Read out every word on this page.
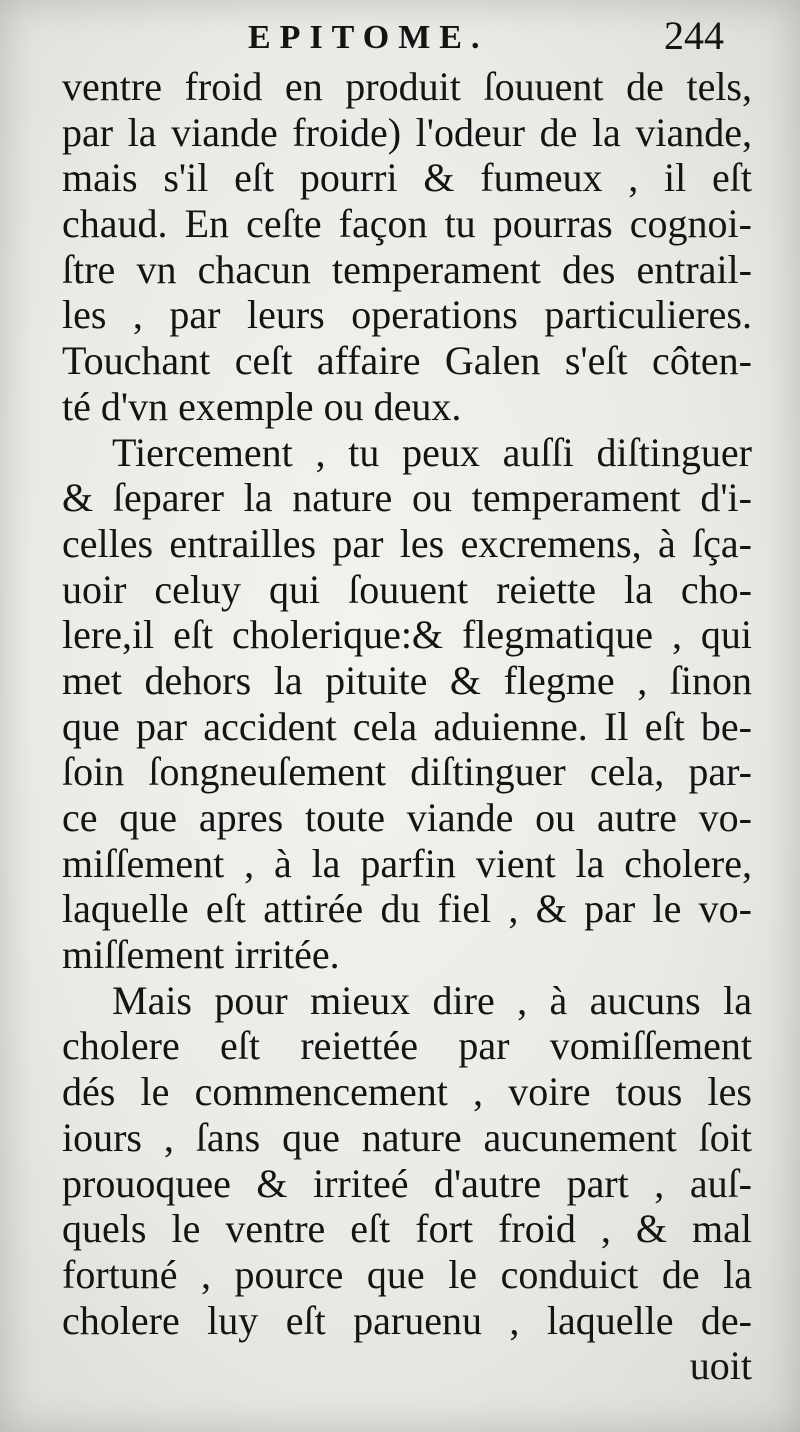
EPITOME.	244
ventre froid en produit ſouuent de tels,
par la viande froide) l'odeur de la viande,
mais s'il eſt pourri & fumeux , il eſt
chaud. En ceſte façon tu pourras cognoi-
ſtre vn chacun temperament des entrail-
les , par leurs operations particulieres.
Touchant ceſt affaire Galen s'eſt côten-
té d'vn exemple ou deux.
Tiercement , tu peux auſſi diſtinguer
& ſeparer la nature ou temperament d'i-
celles entrailles par les excremens, à ſça-
uoir celuy qui ſouuent reiette la cho-
lere,il eſt cholerique:& flegmatique , qui
met dehors la pituite & flegme , ſinon
que par accident cela aduienne. Il eſt be-
ſoin ſongneuſement diſtinguer cela, par-
ce que apres toute viande ou autre vo-
miſſement , à la parfin vient la cholere,
laquelle eſt attirée du fiel , & par le vo-
miſſement irritée.
Mais pour mieux dire , à aucuns la
cholere eſt reiettée par vomiſſement
dés le commencement , voire tous les
iours , ſans que nature aucunement ſoit
prouoquee & irriteé d'autre part , auſ-
quels le ventre eſt fort froid , & mal
fortuné , pource que le conduict de la
cholere luy eſt paruenu , laquelle de-
uoit
